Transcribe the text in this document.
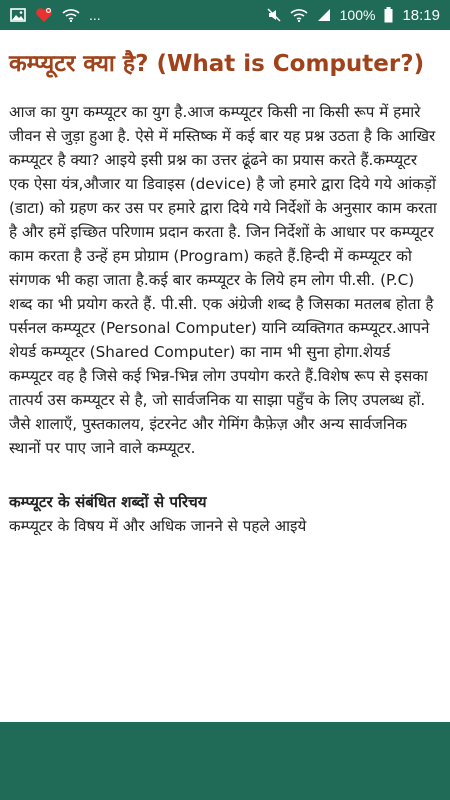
...	100% 18:19
कम्प्यूटर क्या है? (What is Computer?)

आज का युग कम्प्यूटर का युग है.आज कम्प्यूटर किसी ना किसी रूप में हमारे जीवन से जुड़ा हुआ है. ऐसे में मस्तिष्क में कई बार यह प्रश्न उठता है कि आखिर कम्प्यूटर है क्या? आइये इसी प्रश्न का उत्तर ढूंढने का प्रयास करते हैं.कम्प्यूटर एक ऐसा यंत्र,औजार या डिवाइस (device) है जो हमारे द्वारा दिये गये आंकड़ों (डाटा) को ग्रहण कर उस पर हमारे द्वारा दिये गये निर्देशों के अनुसार काम करता है और हमें इच्छित परिणाम प्रदान करता है. जिन निर्देशों के आधार पर कम्प्यूटर काम करता है उन्हें हम प्रोग्राम (Program) कहते हैं.हिन्दी में कम्प्यूटर को संगणक भी कहा जाता है.कई बार कम्प्यूटर के लिये हम लोग पी.सी. (P.C) शब्द का भी प्रयोग करते हैं. पी.सी. एक अंग्रेजी शब्द है जिसका मतलब होता है पर्सनल कम्प्यूटर (Personal Computer) यानि व्यक्तिगत कम्प्यूटर.आपने शेयर्ड कम्प्यूटर (Shared Computer) का नाम भी सुना होगा.शेयर्ड कम्प्यूटर वह है जिसे कई भिन्न-भिन्न लोग उपयोग करते हैं.विशेष रूप से इसका तात्पर्य उस कम्प्यूटर से है, जो सार्वजनिक या साझा पहुँच के लिए उपलब्ध हों. जैसे शालाएँ, पुस्तकालय, इंटरनेट और गेमिंग कैफ़ेज़ और अन्य सार्वजनिक स्थानों पर पाए जाने वाले कम्प्यूटर.

कम्प्यूटर के संबंधित शब्दों से परिचय

कम्प्यूटर के विषय में और अधिक जानने से पहले आइये
